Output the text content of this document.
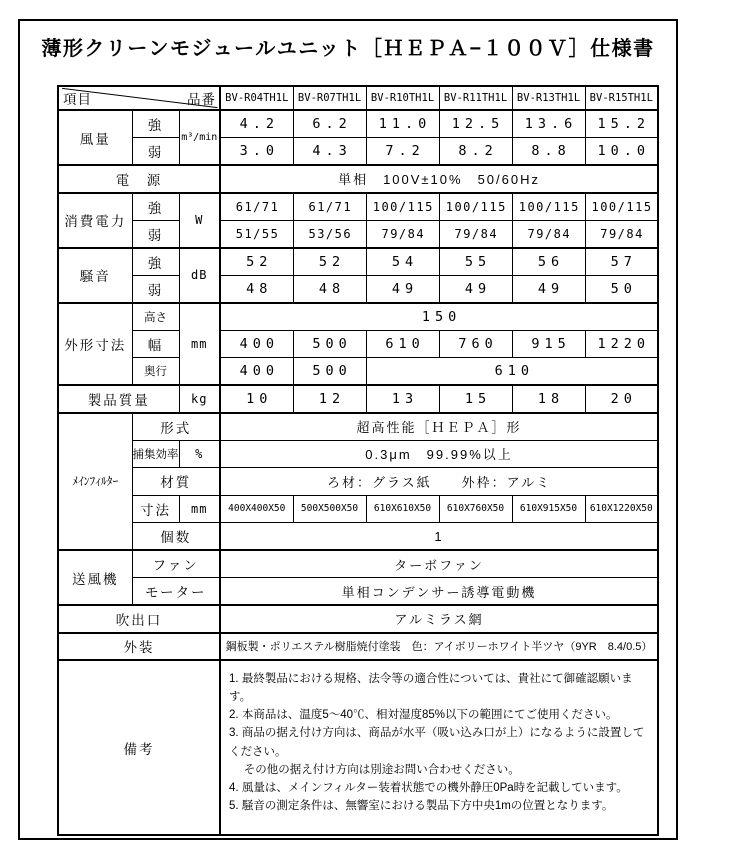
薄形クリーンモジュールユニット［ＨＥＰＡ−１００Ｖ］仕様書
項目 品番			BV-R04TH1L	BV-R07TH1L	BV-R10TH1L	BV-R11TH1L	BV-R13TH1L	BV-R15TH1L
風量	強	m³/min	4.2	6.2	11.0	12.5	13.6	15.2
	弱		3.0	4.3	7.2	8.2	8.8	10.0
電　源			単相　100V±10%　50/60Hz					
消費電力	強	W	61/71	61/71	100/115	100/115	100/115	100/115
	弱		51/55	53/56	79/84	79/84	79/84	79/84
騒音	強	dB	52	52	54	55	56	57
	弱		48	48	49	49	49	50
外形寸法	高さ	mm	150					
	幅		400	500	610	760	915	1220
	奥行		400	500	610			
製品質量		kg	10	12	13	15	18	20
ﾒｲﾝﾌｨﾙﾀｰ	形式		超高性能［ＨＥＰＡ］形					
	捕集効率	%	0.3μm　99.99%以上					
	材質		ろ材：グラス紙　　外枠：アルミ					
	寸法	mm	400X400X50	500X500X50	610X610X50	610X760X50	610X915X50	610X1220X50
	個数		1					
送風機	ファン		ターボファン					
	モーター		単相コンデンサー誘導電動機					
吹出口			アルミラス網					
外装			鋼板製・ポリエステル樹脂焼付塗装　色：アイボリーホワイト半ツヤ（9YR　8.4/0.5）					
備考	
1. 最終製品における規格、法令等の適合性については、貴社にて御確認願います。
2. 本商品は、温度5～40℃、相対湿度85%以下の範囲にてご使用ください。
3. 商品の据え付け方向は、商品が水平（吸い込み口が上）になるように設置してください。
　 その他の据え付け方向は別途お問い合わせください。
4. 風量は、メインフィルター装着状態での機外静圧0Pa時を記載しています。
5. 騒音の測定条件は、無響室における製品下方中央1mの位置となります。
